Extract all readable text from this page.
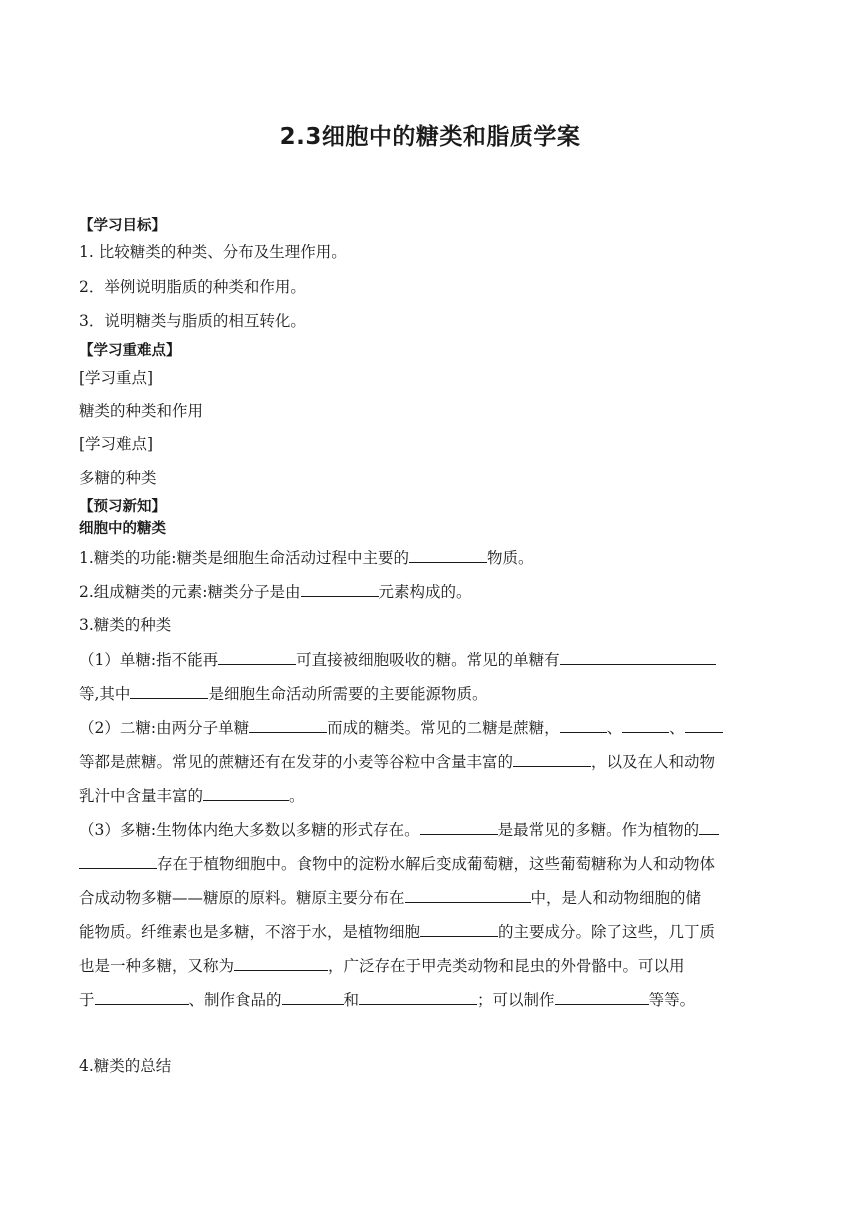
2.3细胞中的糖类和脂质学案
【学习目标】
1. 比较糖类的种类、分布及生理作用。
2．举例说明脂质的种类和作用。
3．说明糖类与脂质的相互转化。
【学习重难点】
[学习重点]
糖类的种类和作用
[学习难点]
多糖的种类
【预习新知】
细胞中的糖类
1.糖类的功能:糖类是细胞生命活动过程中主要的	物质。
2.组成糖类的元素:糖类分子是由	元素构成的。
3.糖类的种类
（1）单糖:指不能再	可直接被细胞吸收的糖。常见的单糖有
等,其中	是细胞生命活动所需要的主要能源物质。
（2）二糖:由两分子单糖	而成的糖类。常见的二糖是蔗糖，	、	、
等都是蔗糖。常见的蔗糖还有在发芽的小麦等谷粒中含量丰富的	，以及在人和动物
乳汁中含量丰富的	。
（3）多糖:生物体内绝大多数以多糖的形式存在。	是最常见的多糖。作为植物的
存在于植物细胞中。食物中的淀粉水解后变成葡萄糖，这些葡萄糖称为人和动物体
合成动物多糖——糖原的原料。糖原主要分布在	中，是人和动物细胞的储
能物质。纤维素也是多糖，不溶于水，是植物细胞	的主要成分。除了这些，几丁质
也是一种多糖，又称为	，广泛存在于甲壳类动物和昆虫的外骨骼中。可以用
于	、制作食品的	和	；可以制作	等等。
4.糖类的总结
